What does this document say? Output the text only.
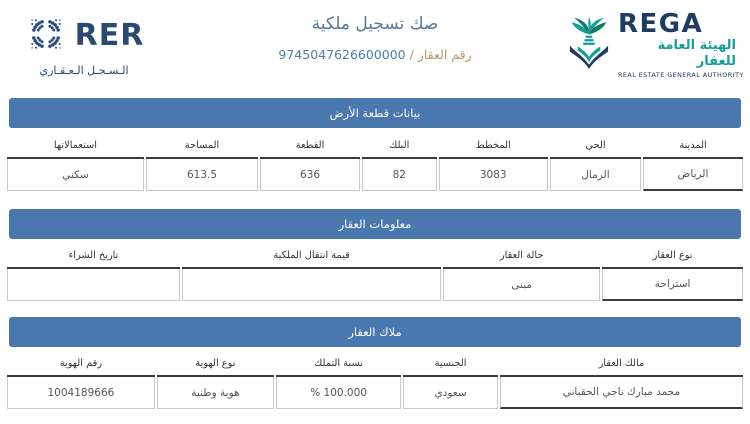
RER
الـسـجـل الـعـقـاري
صك تسجيل ملكية
رقم العقار / 9745047626600000
REGA
الهيئة العامة للعقار
REAL ESTATE GENERAL AUTHORITY
بيانات قطعة الأرض
المدينة	الحي	المخطط	البلك	القطعة	المساحة	استعمالاتها
الرياض	الرمال	3083	82	636	613.5	سكني
معلومات العقار
نوع العقار	حالة العقار	قيمة انتقال الملكية	تاريخ الشراء
استراحة	مبنى		
ملاك العقار
مالك العقار	الجنسية	نسبة التملك	نوع الهوية	رقم الهوية
محمد مبارك ناجي الحقباني	سعودي	% 100.000	هوية وطنية	1004189666
